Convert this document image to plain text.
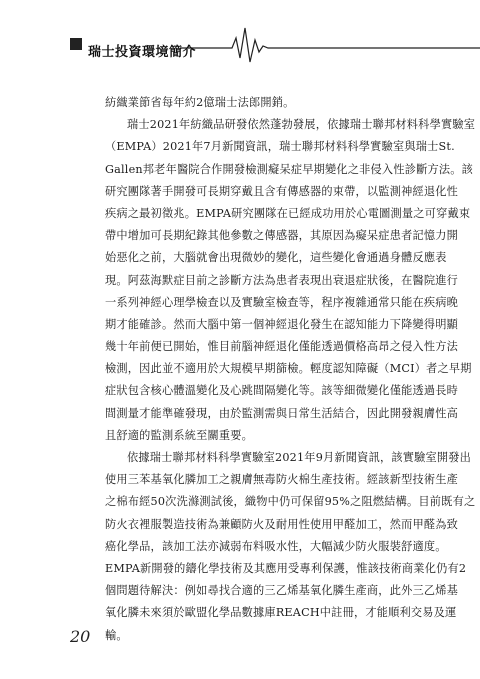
瑞士投資環境簡介
紡織業節省每年約2億瑞士法郎開銷。
瑞士2021年紡織品研發依然蓬勃發展，依據瑞士聯邦材料科學實驗室
（EMPA）2021年7月新聞資訊，瑞士聯邦材料科學實驗室與瑞士St.
Gallen邦老年醫院合作開發檢測癡呆症早期變化之非侵入性診斷方法。該
研究團隊著手開發可長期穿戴且含有傳感器的束帶，以監測神經退化性
疾病之最初徵兆。EMPA研究團隊在已經成功用於心電圖測量之可穿戴束
帶中增加可長期紀錄其他參數之傳感器，其原因為癡呆症患者記憶力開
始惡化之前，大腦就會出現微妙的變化，這些變化會通過身體反應表
現。阿茲海默症目前之診斷方法為患者表現出衰退症狀後，在醫院進行
一系列神經心理學檢查以及實驗室檢查等，程序複雜通常只能在疾病晚
期才能確診。然而大腦中第一個神經退化發生在認知能力下降變得明顯
幾十年前便已開始，惟目前腦神經退化僅能透過價格高昂之侵入性方法
檢測，因此並不適用於大規模早期篩檢。輕度認知障礙（MCI）者之早期
症狀包含核心體溫變化及心跳間隔變化等。該等細微變化僅能透過長時
間測量才能準確發現，由於監測需與日常生活結合，因此開發親膚性高
且舒適的監測系統至關重要。
依據瑞士聯邦材料科學實驗室2021年9月新聞資訊，該實驗室開發出
使用三苯基氧化膦加工之親膚無毒防火棉生產技術。經該新型技術生產
之棉布經50次洗滌測試後，織物中仍可保留95%之阻燃結構。目前既有之
防火衣裡服製造技術為兼顧防火及耐用性使用甲醛加工，然而甲醛為致
癌化學品，該加工法亦減弱布料吸水性，大幅減少防火服裝舒適度。
EMPA新開發的鑄化學技術及其應用受專利保護，惟該技術商業化仍有2
個問題待解決：例如尋找合適的三乙烯基氧化膦生產商，此外三乙烯基
氧化膦未來須於歐盟化學品數據庫REACH中註冊，才能順利交易及運
輸。
20
